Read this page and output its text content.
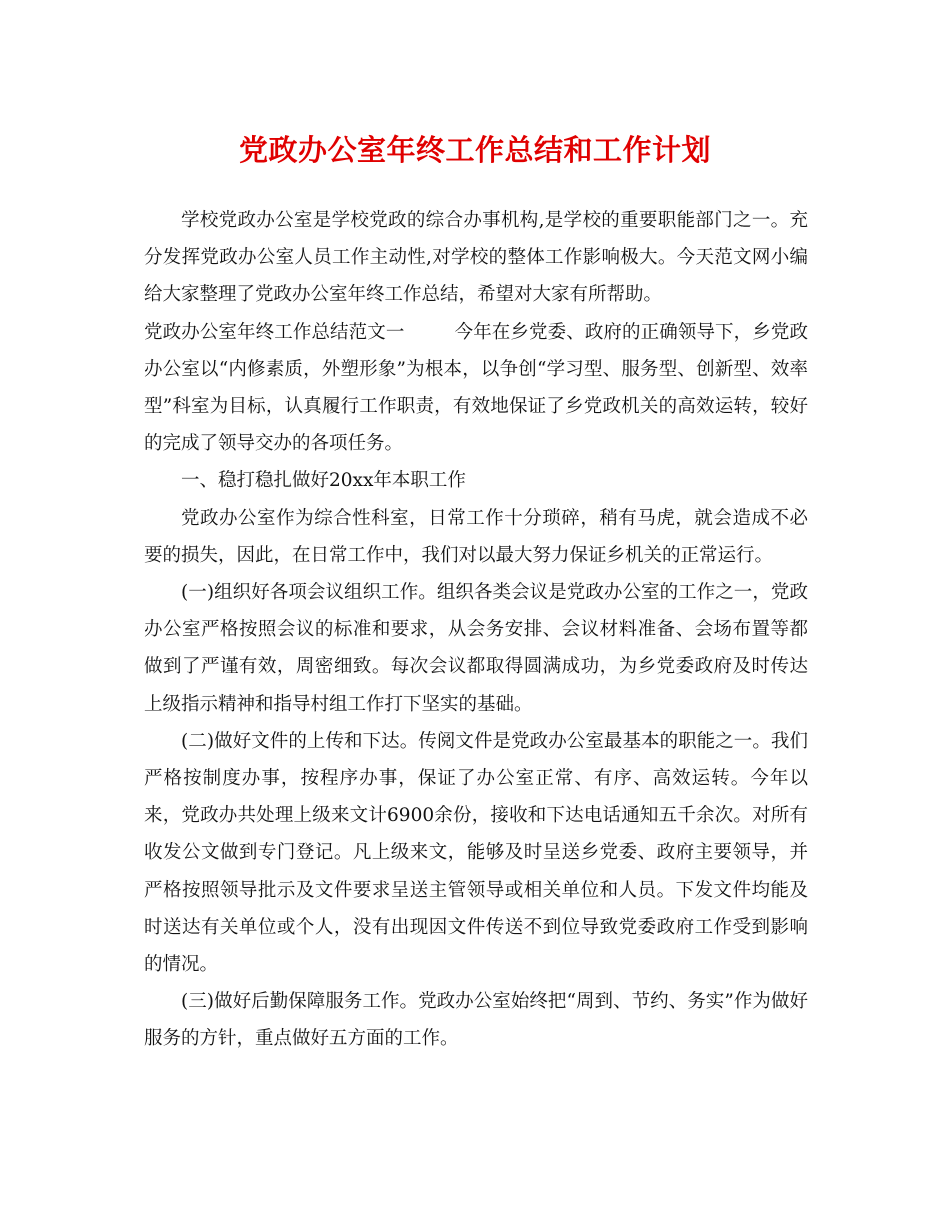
党政办公室年终工作总结和工作计划

学校党政办公室是学校党政的综合办事机构,是学校的重要职能部门之一。充分发挥党政办公室人员工作主动性,对学校的整体工作影响极大。今天范文网小编给大家整理了党政办公室年终工作总结，希望对大家有所帮助。

党政办公室年终工作总结范文一	今年在乡党委、政府的正确领导下，乡党政办公室以“内修素质，外塑形象”为根本，以争创“学习型、服务型、创新型、效率型”科室为目标，认真履行工作职责，有效地保证了乡党政机关的高效运转，较好的完成了领导交办的各项任务。

一、稳打稳扎做好20xx年本职工作

党政办公室作为综合性科室，日常工作十分琐碎，稍有马虎，就会造成不必要的损失，因此，在日常工作中，我们对以最大努力保证乡机关的正常运行。

(一)组织好各项会议组织工作。组织各类会议是党政办公室的工作之一，党政办公室严格按照会议的标准和要求，从会务安排、会议材料准备、会场布置等都做到了严谨有效，周密细致。每次会议都取得圆满成功，为乡党委政府及时传达上级指示精神和指导村组工作打下坚实的基础。

(二)做好文件的上传和下达。传阅文件是党政办公室最基本的职能之一。我们严格按制度办事，按程序办事，保证了办公室正常、有序、高效运转。今年以来，党政办共处理上级来文计6900余份，接收和下达电话通知五千余次。对所有收发公文做到专门登记。凡上级来文，能够及时呈送乡党委、政府主要领导，并严格按照领导批示及文件要求呈送主管领导或相关单位和人员。下发文件均能及时送达有关单位或个人，没有出现因文件传送不到位导致党委政府工作受到影响的情况。

(三)做好后勤保障服务工作。党政办公室始终把“周到、节约、务实”作为做好服务的方针，重点做好五方面的工作。
